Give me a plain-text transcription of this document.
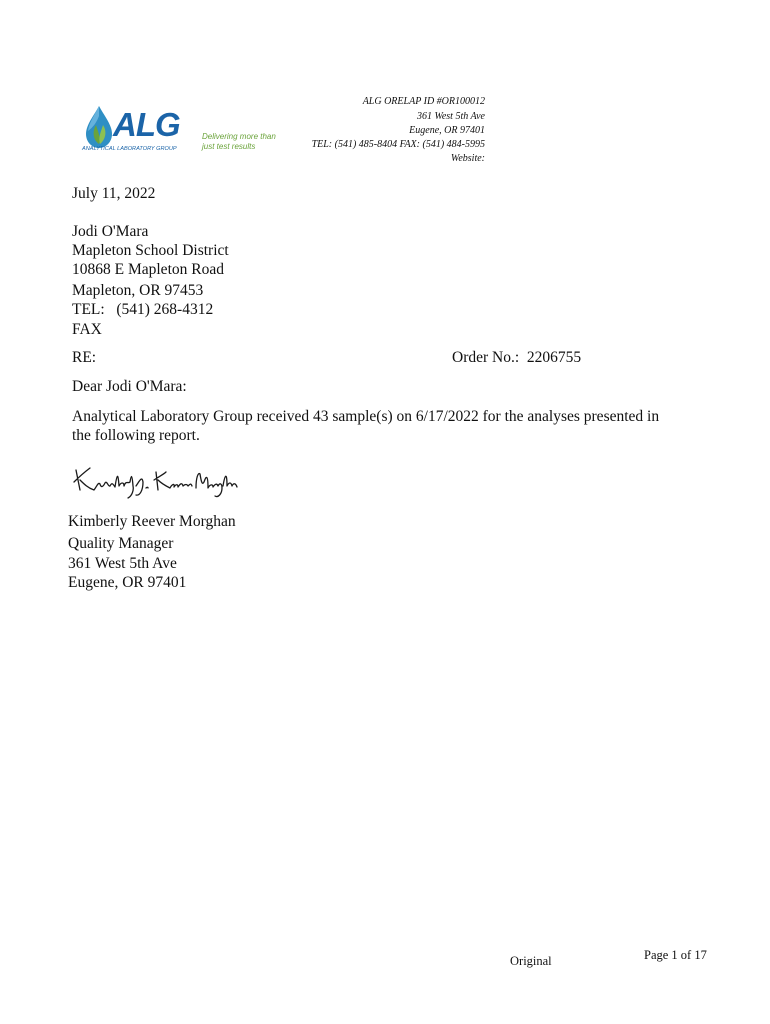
ALG
ANALYTICAL LABORATORY GROUP
Delivering more than
just test results
ALG ORELAP ID #OR100012
361 West 5th Ave
Eugene, OR 97401
TEL: (541) 485-8404 FAX: (541) 484-5995
Website:
July 11, 2022
Jodi O'Mara
Mapleton School District
10868 E Mapleton Road
Mapleton, OR 97453
TEL:   (541) 268-4312
FAX
RE:	Order No.:  2206755
Dear Jodi O'Mara:
Analytical Laboratory Group received 43 sample(s) on 6/17/2022 for the analyses presented in
the following report.
Kimberly Reever Morghan
Quality Manager
361 West 5th Ave
Eugene, OR 97401
Original	Page 1 of 17
